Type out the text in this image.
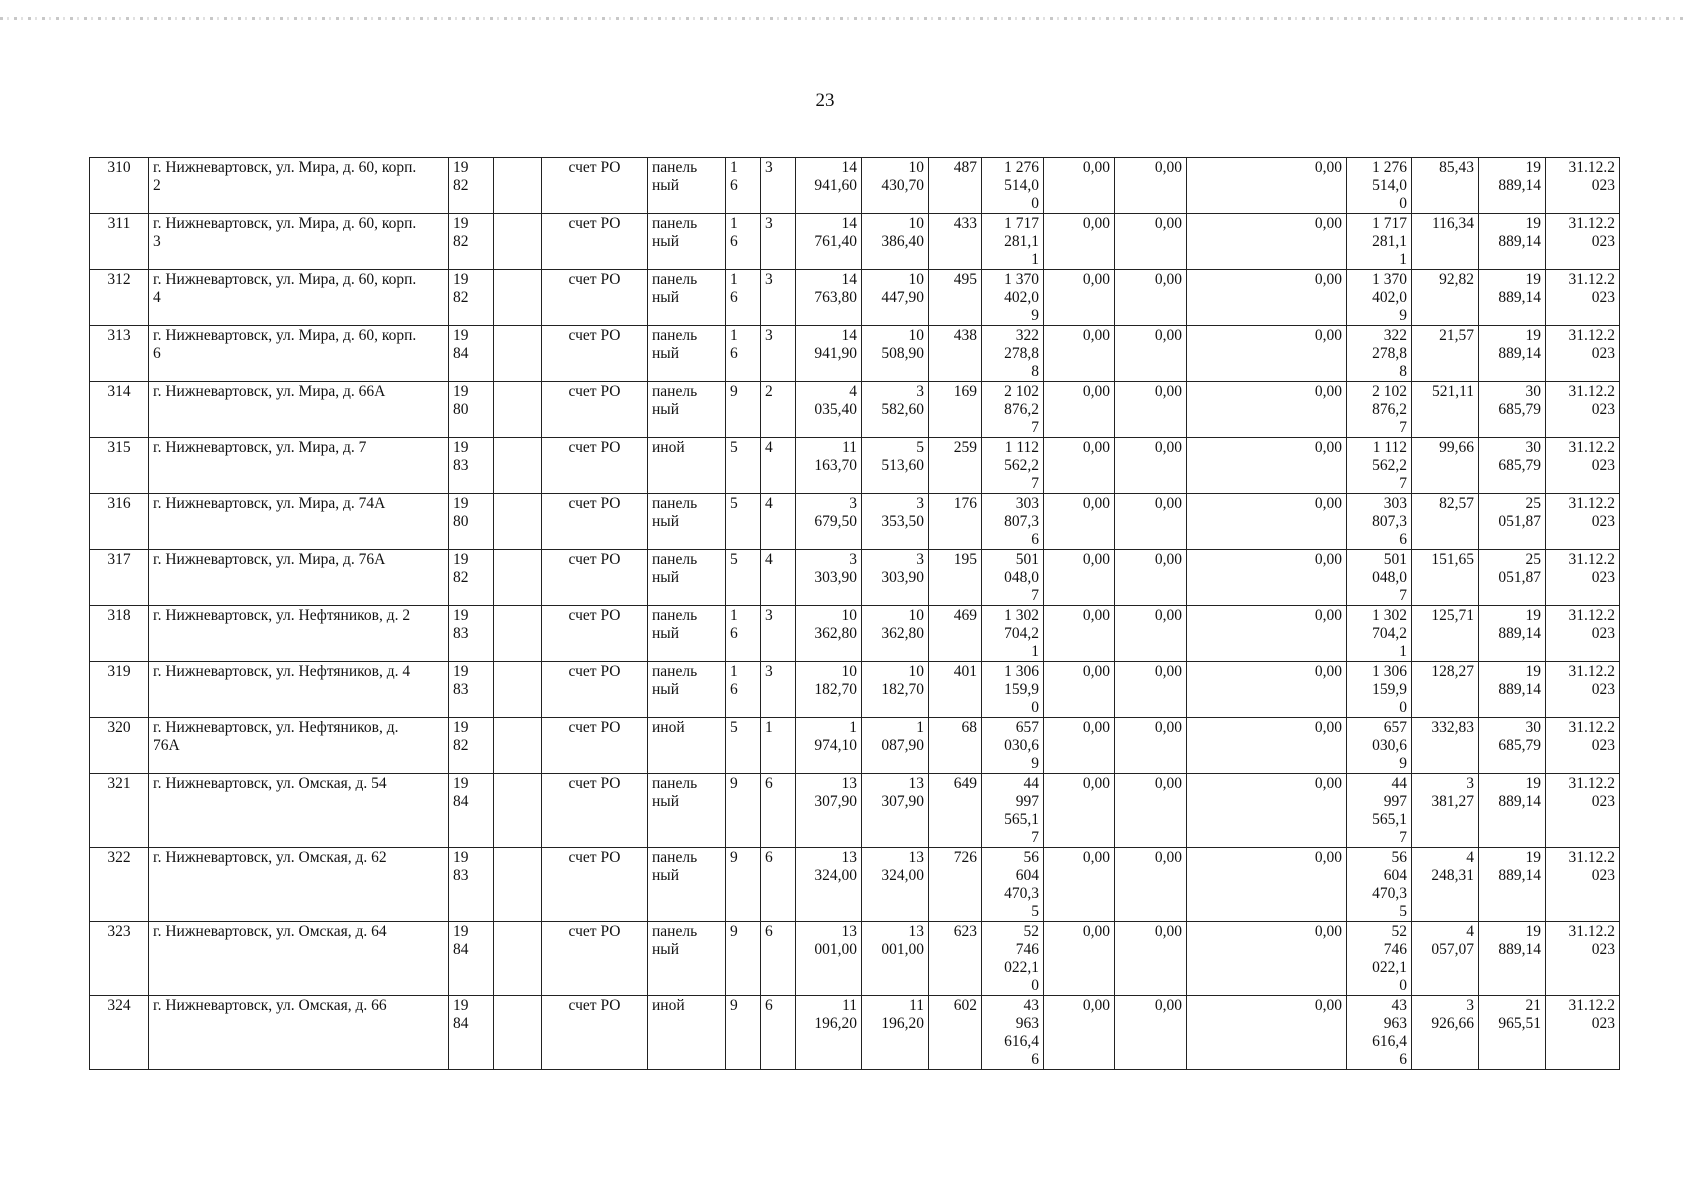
23
310	г. Нижневартовск, ул. Мира, д. 60, корп.
2	19
82		счет РО	панель
ный	1
6	3	14
941,60	10
430,70	487	1 276
514,0
0	0,00	0,00	0,00	1 276
514,0
0	85,43	19
889,14	31.12.2
023
311	г. Нижневартовск, ул. Мира, д. 60, корп.
3	19
82		счет РО	панель
ный	1
6	3	14
761,40	10
386,40	433	1 717
281,1
1	0,00	0,00	0,00	1 717
281,1
1	116,34	19
889,14	31.12.2
023
312	г. Нижневартовск, ул. Мира, д. 60, корп.
4	19
82		счет РО	панель
ный	1
6	3	14
763,80	10
447,90	495	1 370
402,0
9	0,00	0,00	0,00	1 370
402,0
9	92,82	19
889,14	31.12.2
023
313	г. Нижневартовск, ул. Мира, д. 60, корп.
6	19
84		счет РО	панель
ный	1
6	3	14
941,90	10
508,90	438	322
278,8
8	0,00	0,00	0,00	322
278,8
8	21,57	19
889,14	31.12.2
023
314	г. Нижневартовск, ул. Мира, д. 66А	19
80		счет РО	панель
ный	9	2	4
035,40	3
582,60	169	2 102
876,2
7	0,00	0,00	0,00	2 102
876,2
7	521,11	30
685,79	31.12.2
023
315	г. Нижневартовск, ул. Мира, д. 7	19
83		счет РО	иной	5	4	11
163,70	5
513,60	259	1 112
562,2
7	0,00	0,00	0,00	1 112
562,2
7	99,66	30
685,79	31.12.2
023
316	г. Нижневартовск, ул. Мира, д. 74А	19
80		счет РО	панель
ный	5	4	3
679,50	3
353,50	176	303
807,3
6	0,00	0,00	0,00	303
807,3
6	82,57	25
051,87	31.12.2
023
317	г. Нижневартовск, ул. Мира, д. 76А	19
82		счет РО	панель
ный	5	4	3
303,90	3
303,90	195	501
048,0
7	0,00	0,00	0,00	501
048,0
7	151,65	25
051,87	31.12.2
023
318	г. Нижневартовск, ул. Нефтяников, д. 2	19
83		счет РО	панель
ный	1
6	3	10
362,80	10
362,80	469	1 302
704,2
1	0,00	0,00	0,00	1 302
704,2
1	125,71	19
889,14	31.12.2
023
319	г. Нижневартовск, ул. Нефтяников, д. 4	19
83		счет РО	панель
ный	1
6	3	10
182,70	10
182,70	401	1 306
159,9
0	0,00	0,00	0,00	1 306
159,9
0	128,27	19
889,14	31.12.2
023
320	г. Нижневартовск, ул. Нефтяников, д.
76А	19
82		счет РО	иной	5	1	1
974,10	1
087,90	68	657
030,6
9	0,00	0,00	0,00	657
030,6
9	332,83	30
685,79	31.12.2
023
321	г. Нижневартовск, ул. Омская, д. 54	19
84		счет РО	панель
ный	9	6	13
307,90	13
307,90	649	44
997
565,1
7	0,00	0,00	0,00	44
997
565,1
7	3
381,27	19
889,14	31.12.2
023
322	г. Нижневартовск, ул. Омская, д. 62	19
83		счет РО	панель
ный	9	6	13
324,00	13
324,00	726	56
604
470,3
5	0,00	0,00	0,00	56
604
470,3
5	4
248,31	19
889,14	31.12.2
023
323	г. Нижневартовск, ул. Омская, д. 64	19
84		счет РО	панель
ный	9	6	13
001,00	13
001,00	623	52
746
022,1
0	0,00	0,00	0,00	52
746
022,1
0	4
057,07	19
889,14	31.12.2
023
324	г. Нижневартовск, ул. Омская, д. 66	19
84		счет РО	иной	9	6	11
196,20	11
196,20	602	43
963
616,4
6	0,00	0,00	0,00	43
963
616,4
6	3
926,66	21
965,51	31.12.2
023
